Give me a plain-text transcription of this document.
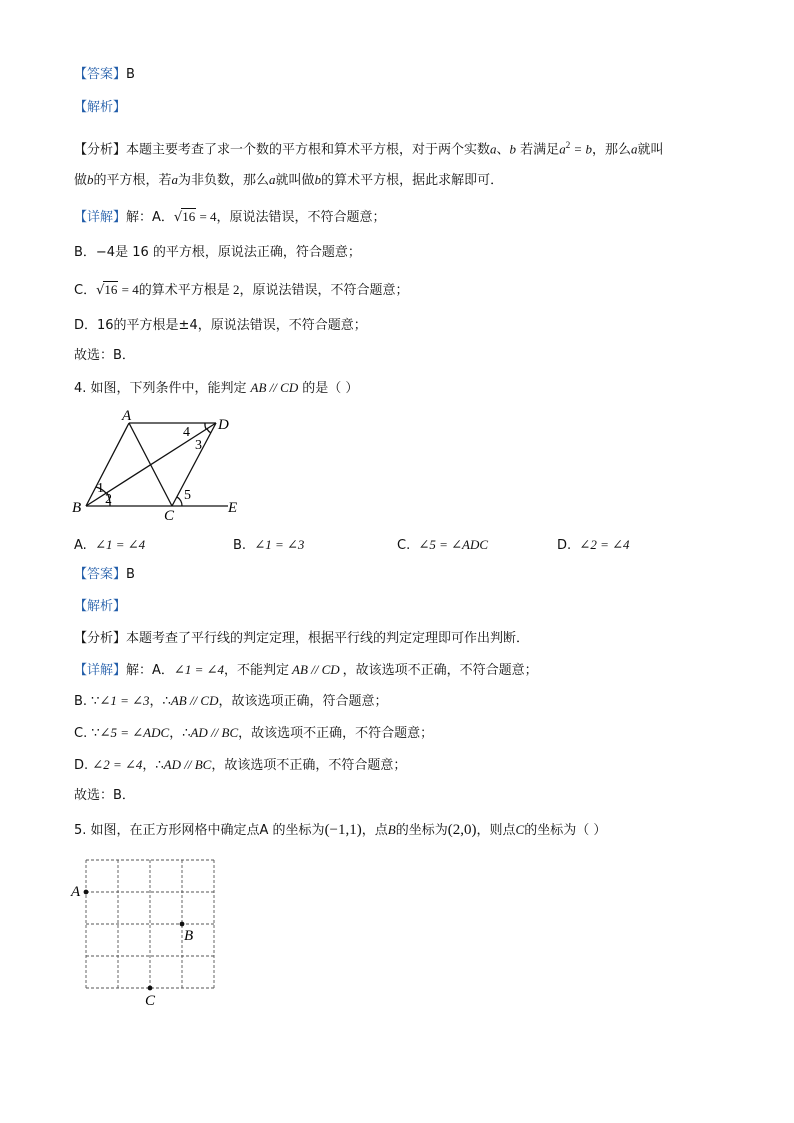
【答案】B
【解析】
【分析】本题主要考查了求一个数的平方根和算术平方根，对于两个实数a、b 若满足$a^2 = b$，那么a就叫
做b的平方根，若a为非负数，那么a就叫做b的算术平方根，据此求解即可．
【详解】解：A．√16 = 4，原说法错误，不符合题意；
B．−4是 16 的平方根，原说法正确，符合题意；
C．√16 = 4的算术平方根是 2，原说法错误，不符合题意；
D．16的平方根是±4，原说法错误，不符合题意；
故选：B．
4. 如图，下列条件中，能判定 AB // CD 的是（ ）
A
D
B	C	E
1
2
4
3
5
A. ∠1 = ∠4	B. ∠1 = ∠3	C. ∠5 = ∠ADC	D. ∠2 = ∠4
【答案】B
【解析】
【分析】本题考查了平行线的判定定理，根据平行线的判定定理即可作出判断．
【详解】解：A．∠1 = ∠4，不能判定 AB // CD ，故该选项不正确，不符合题意；
B. ∵∠1 = ∠3，∴AB // CD，故该选项正确，符合题意；
C. ∵∠5 = ∠ADC，∴AD // BC，故该选项不正确，不符合题意；
D. ∠2 = ∠4，∴AD // BC，故该选项不正确，不符合题意；
故选：B．
5. 如图，在正方形网格中确定点A 的坐标为(−1,1)，点B的坐标为(2,0)，则点C的坐标为（ ）
A
B
C
